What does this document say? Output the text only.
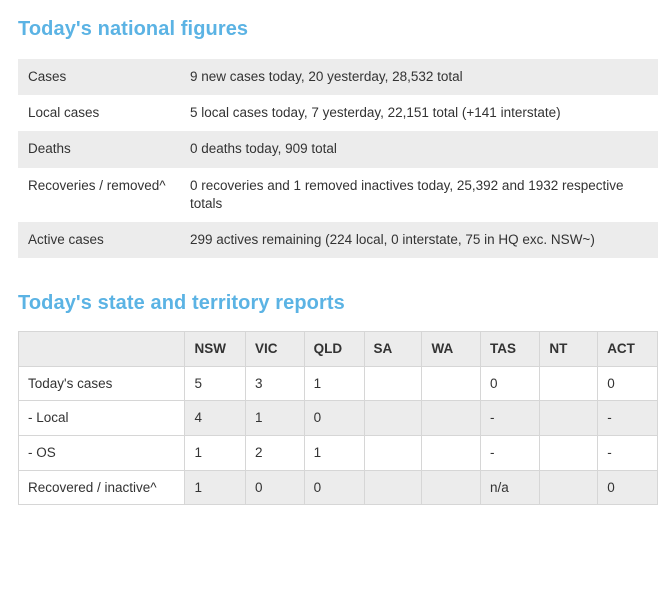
Today's national figures
Cases	9 new cases today, 20 yesterday, 28,532 total
Local cases	5 local cases today, 7 yesterday, 22,151 total (+141 interstate)
Deaths	0 deaths today, 909 total
Recoveries / removed^	0 recoveries and 1 removed inactives today, 25,392 and 1932 respective totals
Active cases	299 actives remaining (224 local, 0 interstate, 75 in HQ exc. NSW~)
Today's state and territory reports
	NSW	VIC	QLD	SA	WA	TAS	NT	ACT
Today's cases	5	3	1			0		0
- Local	4	1	0			-		-
- OS	1	2	1			-		-
Recovered / inactive^	1	0	0			n/a		0
